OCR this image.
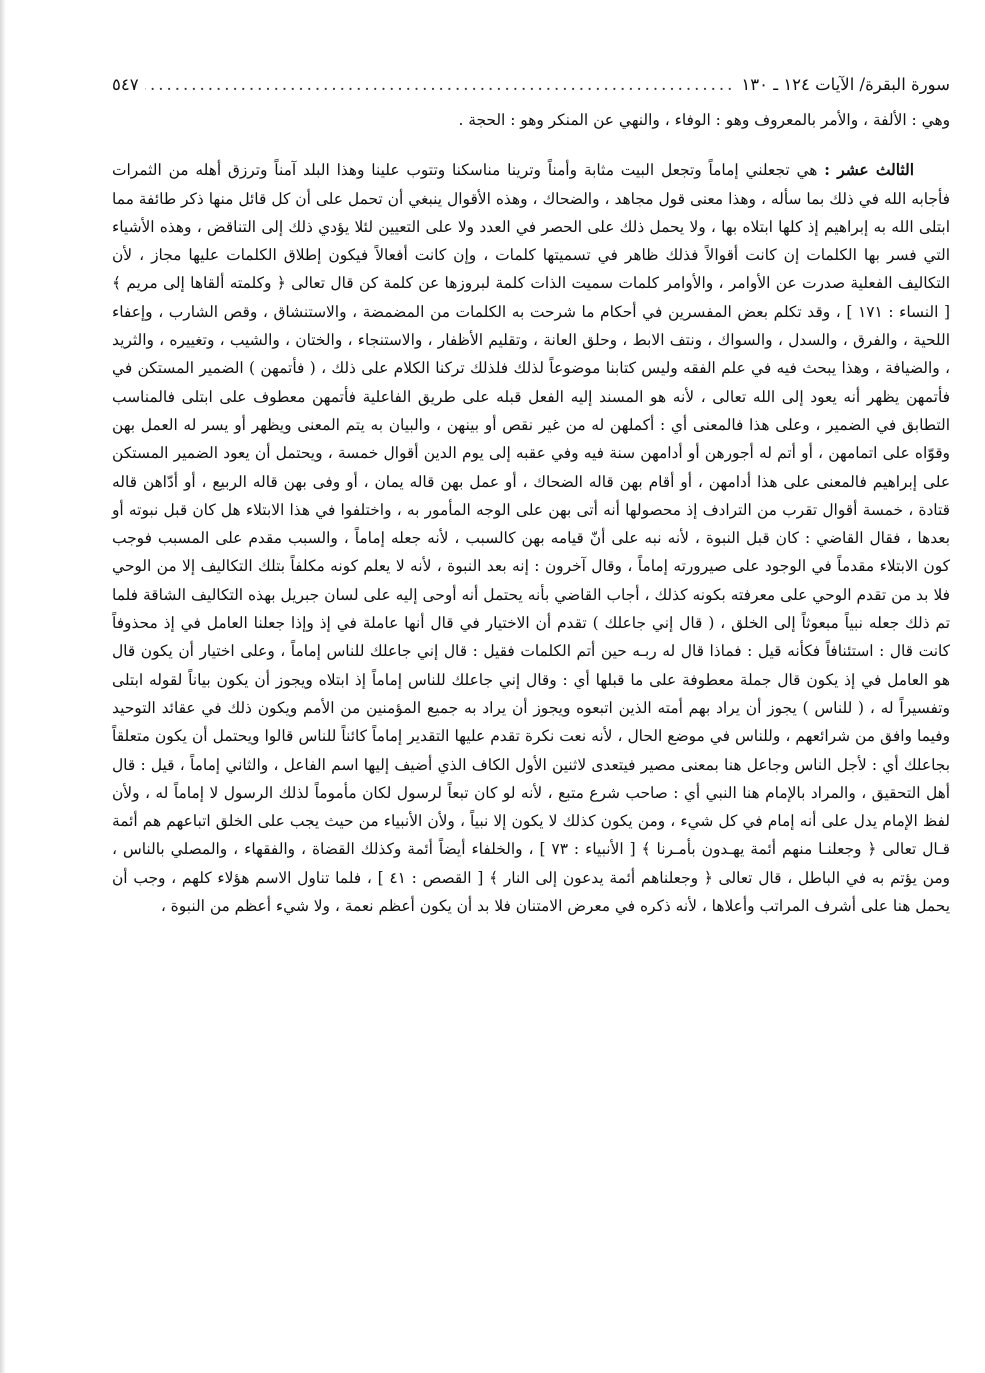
سورة البقرة/ الآيات ١٢٤ ـ ١٣٠
.....
٥٤٧

وهي : الألفة ، والأمر بالمعروف وهو : الوفاء ، والنهي عن المنكر وهو : الحجة .

الثالث عشر : هي تجعلني إماماً وتجعل البيت مثابة وأمناً وترينا مناسكنا وتتوب علينا وهذا البلد آمناً وترزق أهله من الثمرات فأجابه الله في ذلك بما سأله ، وهذا معنى قول مجاهد ، والضحاك ، وهذه الأقوال ينبغي أن تحمل على أن كل قائل منها ذكر طائفة مما ابتلى الله به إبراهيم إذ كلها ابتلاه بها ، ولا يحمل ذلك على الحصر في العدد ولا على التعيين لئلا يؤدي ذلك إلى التناقض ، وهذه الأشياء التي فسر بها الكلمات إن كانت أقوالاً فذلك ظاهر في تسميتها كلمات ، وإن كانت أفعالاً فيكون إطلاق الكلمات عليها مجاز ، لأن التكاليف الفعلية صدرت عن الأوامر ، والأوامر كلمات سميت الذات كلمة لبروزها عن كلمة كن قال تعالى ﴿ وكلمته ألقاها إلى مريم ﴾ [ النساء : ١٧١ ] ، وقد تكلم بعض المفسرين في أحكام ما شرحت به الكلمات من المضمضة ، والاستنشاق ، وقص الشارب ، وإعفاء اللحية ، والفرق ، والسدل ، والسواك ، ونتف الابط ، وحلق العانة ، وتقليم الأظفار ، والاستنجاء ، والختان ، والشيب ، وتغييره ، والثريد ، والضيافة ، وهذا يبحث فيه في علم الفقه وليس كتابنا موضوعاً لذلك فلذلك تركنا الكلام على ذلك ، ( فأتمهن ) الضمير المستكن في فأتمهن يظهر أنه يعود إلى الله تعالى ، لأنه هو المسند إليه الفعل قبله على طريق الفاعلية فأتمهن معطوف على ابتلى فالمناسب التطابق في الضمير ، وعلى هذا فالمعنى أي : أكملهن له من غير نقص أو بينهن ، والبيان به يتم المعنى ويظهر أو يسر له العمل بهن وقوّاه على اتمامهن ، أو أتم له أجورهن أو أدامهن سنة فيه وفي عقبه إلى يوم الدين أقوال خمسة ، ويحتمل أن يعود الضمير المستكن على إبراهيم فالمعنى على هذا أدامهن ، أو أقام بهن قاله الضحاك ، أو عمل بهن قاله يمان ، أو وفى بهن قاله الربيع ، أو أدّاهن قاله قتادة ، خمسة أقوال تقرب من الترادف إذ محصولها أنه أتى بهن على الوجه المأمور به ، واختلفوا في هذا الابتلاء هل كان قبل نبوته أو بعدها ، فقال القاضي : كان قبل النبوة ، لأنه نبه على أنّ قيامه بهن كالسبب ، لأنه جعله إماماً ، والسبب مقدم على المسبب فوجب كون الابتلاء مقدماً في الوجود على صيرورته إماماً ، وقال آخرون : إنه بعد النبوة ، لأنه لا يعلم كونه مكلفاً بتلك التكاليف إلا من الوحي فلا بد من تقدم الوحي على معرفته بكونه كذلك ، أجاب القاضي بأنه يحتمل أنه أوحى إليه على لسان جبريل بهذه التكاليف الشاقة فلما تم ذلك جعله نبياً مبعوثاً إلى الخلق ، ( قال إني جاعلك ) تقدم أن الاختيار في قال أنها عاملة في إذ وإذا جعلنا العامل في إذ محذوفاً كانت قال : استئنافاً فكأنه قيل : فماذا قال له ربـه حين أتم الكلمات فقيل : قال إني جاعلك للناس إماماً ، وعلى اختيار أن يكون قال هو العامل في إذ يكون قال جملة معطوفة على ما قبلها أي : وقال إني جاعلك للناس إماماً إذ ابتلاه ويجوز أن يكون بياناً لقوله ابتلى وتفسيراً له ، ( للناس ) يجوز أن يراد بهم أمته الذين اتبعوه ويجوز أن يراد به جميع المؤمنين من الأمم ويكون ذلك في عقائد التوحيد وفيما وافق من شرائعهم ، وللناس في موضع الحال ، لأنه نعت نكرة تقدم عليها التقدير إماماً كائناً للناس قالوا ويحتمل أن يكون متعلقاً بجاعلك أي : لأجل الناس وجاعل هنا بمعنى مصير فيتعدى لاثنين الأول الكاف الذي أضيف إليها اسم الفاعل ، والثاني إماماً ، قيل : قال أهل التحقيق ، والمراد بالإمام هنا النبي أي : صاحب شرع متبع ، لأنه لو كان تبعاً لرسول لكان مأموماً لذلك الرسول لا إماماً له ، ولأن لفظ الإمام يدل على أنه إمام في كل شيء ، ومن يكون كذلك لا يكون إلا نبياً ، ولأن الأنبياء من حيث يجب على الخلق اتباعهم هم أئمة قـال تعالى ﴿ وجعلنـا منهم أئمة يهـدون بأمـرنا ﴾ [ الأنبياء : ٧٣ ] ، والخلفاء أيضاً أئمة وكذلك القضاة ، والفقهاء ، والمصلي بالناس ، ومن يؤتم به في الباطل ، قال تعالى ﴿ وجعلناهم أئمة يدعون إلى النار ﴾ [ القصص : ٤١ ] ، فلما تناول الاسم هؤلاء كلهم ، وجب أن يحمل هنا على أشرف المراتب وأعلاها ، لأنه ذكره في معرض الامتنان فلا بد أن يكون أعظم نعمة ، ولا شيء أعظم من النبوة ،
